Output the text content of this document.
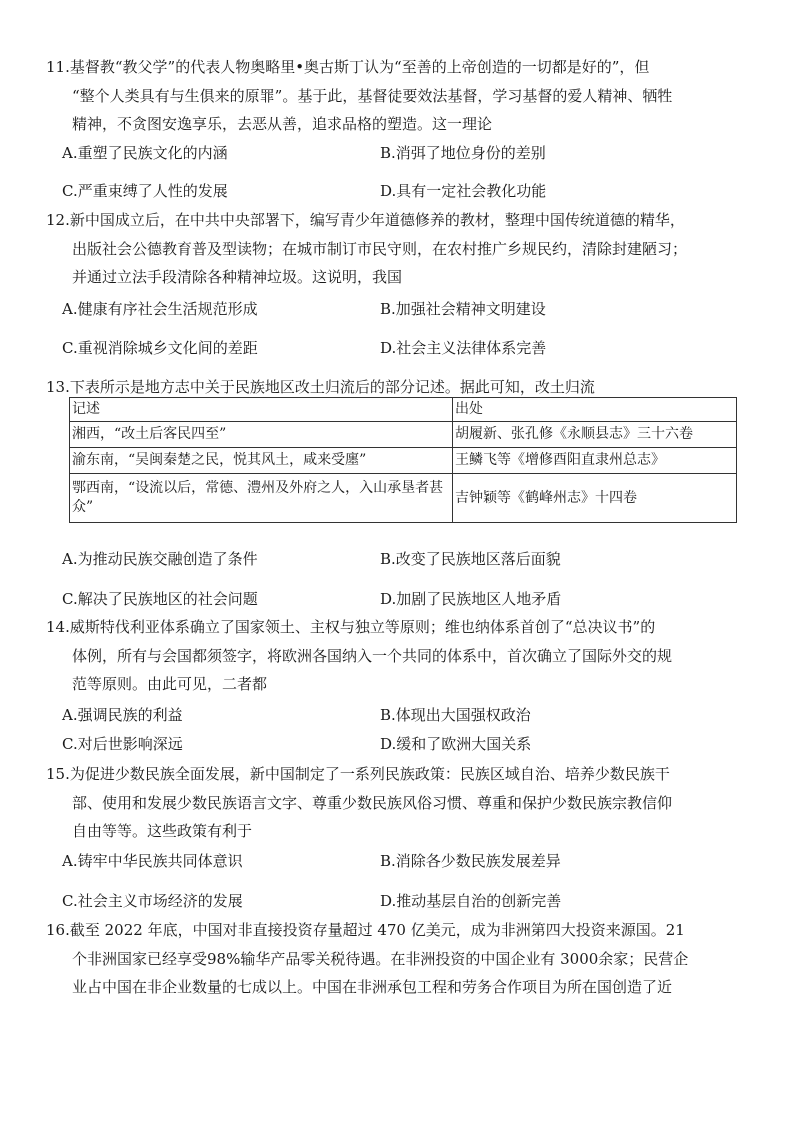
11.基督教“教父学”的代表人物奥略里•奥古斯丁认为“至善的上帝创造的一切都是好的”，但
“整个人类具有与生俱来的原罪”。基于此，基督徒要效法基督，学习基督的爱人精神、牺牲
精神，不贪图安逸享乐，去恶从善，追求品格的塑造。这一理论
A.重塑了民族文化的内涵	B.消弭了地位身份的差别
C.严重束缚了人性的发展	D.具有一定社会教化功能
12.新中国成立后，在中共中央部署下，编写青少年道德修养的教材，整理中国传统道德的精华，
出版社会公德教育普及型读物；在城市制订市民守则，在农村推广乡规民约，清除封建陋习；
并通过立法手段清除各种精神垃圾。这说明，我国
A.健康有序社会生活规范形成	B.加强社会精神文明建设
C.重视消除城乡文化间的差距	D.社会主义法律体系完善
13.下表所示是地方志中关于民族地区改土归流后的部分记述。据此可知，改土归流
记述	出处
湘西，“改土后客民四至”	胡履新、张孔修《永顺县志》三十六卷
渝东南，“吴闽秦楚之民，悦其风土，咸来受廛”	王鳞飞等《增修酉阳直隶州总志》
鄂西南，“设流以后，常德、澧州及外府之人，入山承垦者甚众”	吉钟颖等《鹤峰州志》十四卷
A.为推动民族交融创造了条件	B.改变了民族地区落后面貌
C.解决了民族地区的社会问题	D.加剧了民族地区人地矛盾
14.威斯特伐利亚体系确立了国家领土、主权与独立等原则；维也纳体系首创了“总决议书”的
体例，所有与会国都须签字，将欧洲各国纳入一个共同的体系中，首次确立了国际外交的规
范等原则。由此可见，二者都
A.强调民族的利益	B.体现出大国强权政治
C.对后世影响深远	D.缓和了欧洲大国关系
15.为促进少数民族全面发展，新中国制定了一系列民族政策：民族区域自治、培养少数民族干
部、使用和发展少数民族语言文字、尊重少数民族风俗习惯、尊重和保护少数民族宗教信仰
自由等等。这些政策有利于
A.铸牢中华民族共同体意识	B.消除各少数民族发展差异
C.社会主义市场经济的发展	D.推动基层自治的创新完善
16.截至 2022 年底，中国对非直接投资存量超过 470 亿美元，成为非洲第四大投资来源国。21
个非洲国家已经享受98%输华产品零关税待遇。在非洲投资的中国企业有 3000余家；民营企
业占中国在非企业数量的七成以上。中国在非洲承包工程和劳务合作项目为所在国创造了近
